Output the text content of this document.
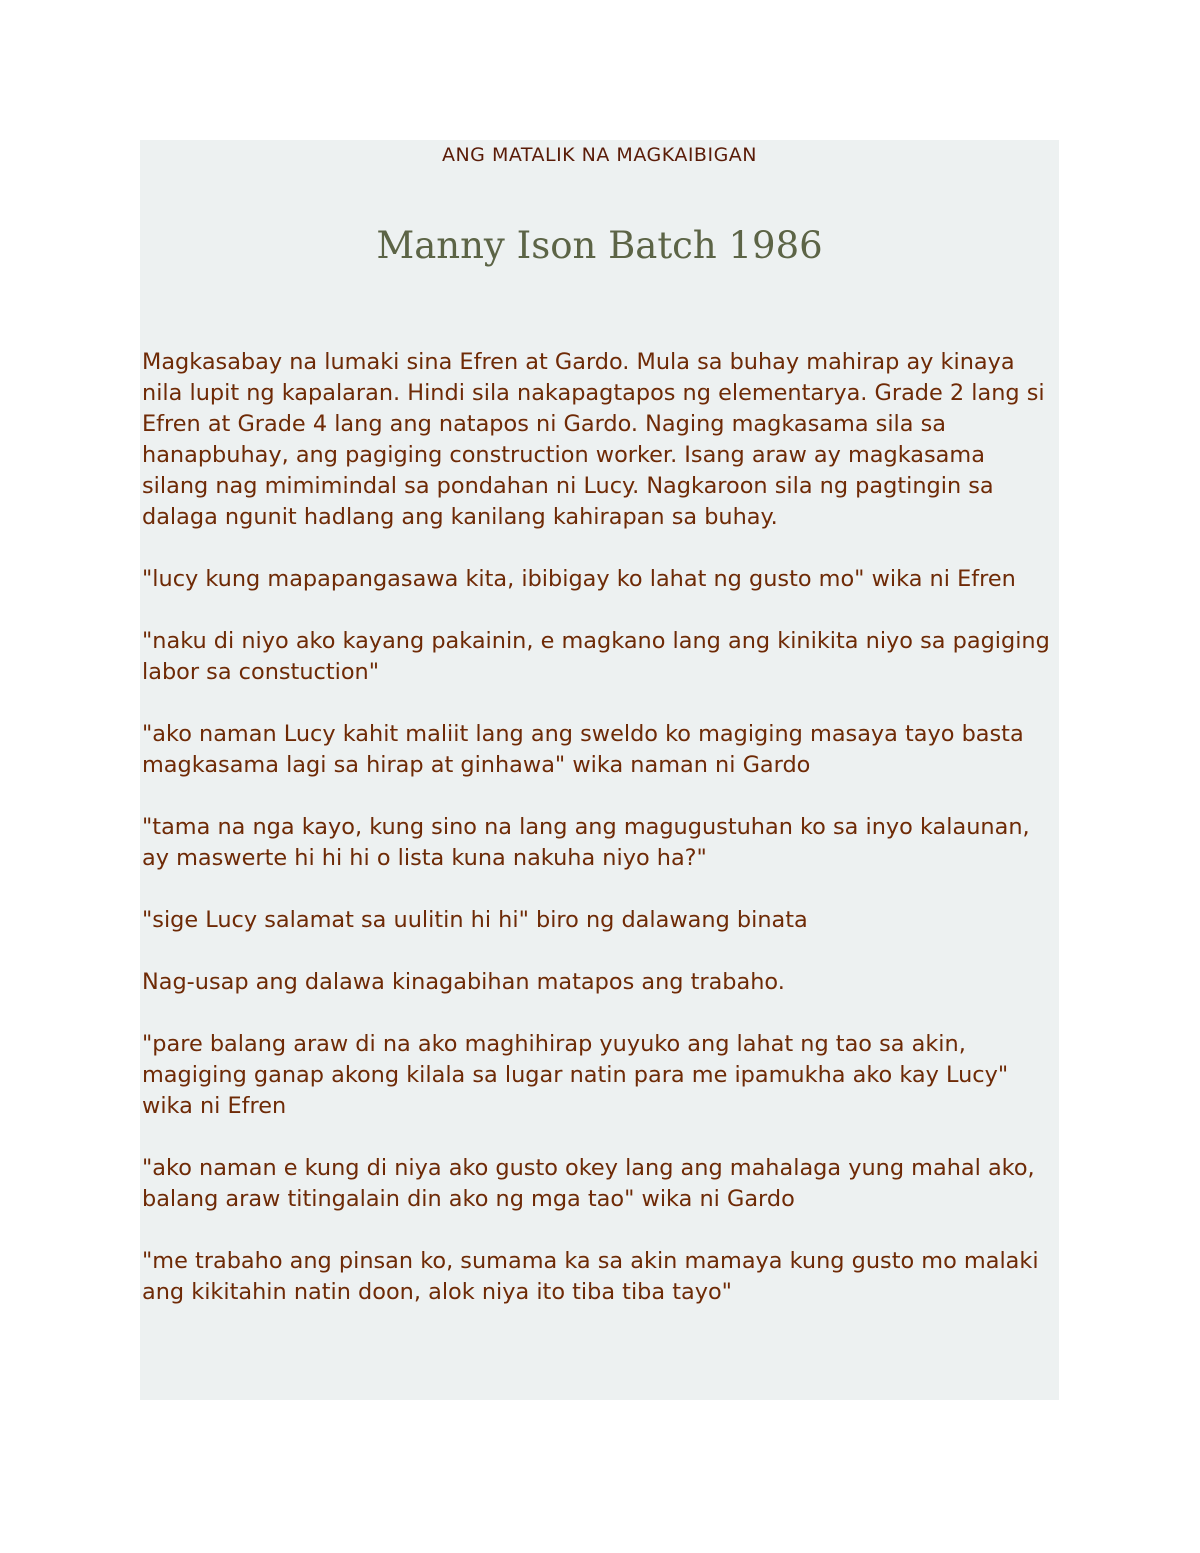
ANG MATALIK NA MAGKAIBIGAN
Manny Ison Batch 1986

Magkasabay na lumaki sina Efren at Gardo. Mula sa buhay mahirap ay kinaya nila lupit ng kapalaran. Hindi sila nakapagtapos ng elementarya. Grade 2 lang si Efren at Grade 4 lang ang natapos ni Gardo. Naging magkasama sila sa hanapbuhay, ang pagiging construction worker. Isang araw ay magkasama silang nag mimimindal sa pondahan ni Lucy. Nagkaroon sila ng pagtingin sa dalaga ngunit hadlang ang kanilang kahirapan sa buhay.

"lucy kung mapapangasawa kita, ibibigay ko lahat ng gusto mo" wika ni Efren

"naku di niyo ako kayang pakainin, e magkano lang ang kinikita niyo sa pagiging labor sa constuction"

"ako naman Lucy kahit maliit lang ang sweldo ko magiging masaya tayo basta magkasama lagi sa hirap at ginhawa" wika naman ni Gardo

"tama na nga kayo, kung sino na lang ang magugustuhan ko sa inyo kalaunan, ay maswerte hi hi hi o lista kuna nakuha niyo ha?"

"sige Lucy salamat sa uulitin hi hi" biro ng dalawang binata

Nag-usap ang dalawa kinagabihan matapos ang trabaho.

"pare balang araw di na ako maghihirap yuyuko ang lahat ng tao sa akin, magiging ganap akong kilala sa lugar natin para me ipamukha ako kay Lucy" wika ni Efren

"ako naman e kung di niya ako gusto okey lang ang mahalaga yung mahal ako, balang araw titingalain din ako ng mga tao" wika ni Gardo

"me trabaho ang pinsan ko, sumama ka sa akin mamaya kung gusto mo malaki ang kikitahin natin doon, alok niya ito tiba tiba tayo"
